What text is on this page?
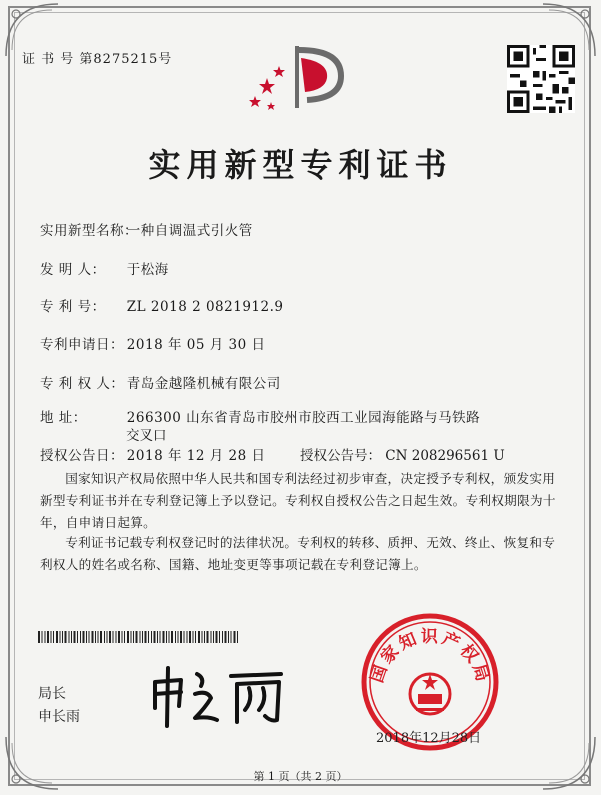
证 书 号 第8275215号
实用新型专利证书
实用新型名称： 一种自调温式引火管
发 明 人： 于松海
专 利 号： ZL 2018 2 0821912.9
专利申请日： 2018 年 05 月 30 日
专 利 权 人： 青岛金越隆机械有限公司
地 址：	266300 山东省青岛市胶州市胶西工业园海能路与马铁路
交叉口
授权公告日： 2018 年 12 月 28 日	授权公告号： CN 208296561 U
国家知识产权局依照中华人民共和国专利法经过初步审查，决定授予专利权，颁发实用新型专利证书并在专利登记簿上予以登记。专利权自授权公告之日起生效。专利权期限为十年，自申请日起算。
专利证书记载专利权登记时的法律状况。专利权的转移、质押、无效、终止、恢复和专利权人的姓名或名称、国籍、地址变更等事项记载在专利登记簿上。
局长
申长雨
国家知识产权局
2018年12月28日
第 1 页（共 2 页）
